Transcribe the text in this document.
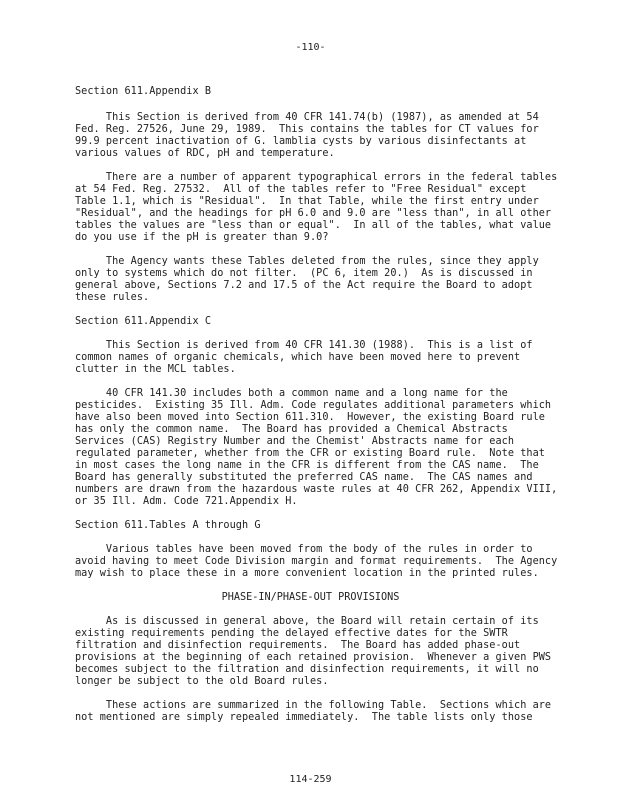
-110-
Section 611.Appendix B
This Section is derived from 40 CFR 141.74(b) (1987), as amended at 54
Fed. Reg. 27526, June 29, 1989.  This contains the tables for CT values for
99.9 percent inactivation of G. lamblia cysts by various disinfectants at
various values of RDC, pH and temperature.
There are a number of apparent typographical errors in the federal tables
at 54 Fed. Reg. 27532.  All of the tables refer to "Free Residual" except
Table 1.1, which is "Residual".  In that Table, while the first entry under
"Residual", and the headings for pH 6.0 and 9.0 are "less than", in all other
tables the values are "less than or equal".  In all of the tables, what value
do you use if the pH is greater than 9.0?
The Agency wants these Tables deleted from the rules, since they apply
only to systems which do not filter.  (PC 6, item 20.)  As is discussed in
general above, Sections 7.2 and 17.5 of the Act require the Board to adopt
these rules.
Section 611.Appendix C
This Section is derived from 40 CFR 141.30 (1988).  This is a list of
common names of organic chemicals, which have been moved here to prevent
clutter in the MCL tables.
40 CFR 141.30 includes both a common name and a long name for the
pesticides.  Existing 35 Ill. Adm. Code regulates additional parameters which
have also been moved into Section 611.310.  However, the existing Board rule
has only the common name.  The Board has provided a Chemical Abstracts
Services (CAS) Registry Number and the Chemist' Abstracts name for each
regulated parameter, whether from the CFR or existing Board rule.  Note that
in most cases the long name in the CFR is different from the CAS name.  The
Board has generally substituted the preferred CAS name.  The CAS names and
numbers are drawn from the hazardous waste rules at 40 CFR 262, Appendix VIII,
or 35 Ill. Adm. Code 721.Appendix H.
Section 611.Tables A through G
Various tables have been moved from the body of the rules in order to
avoid having to meet Code Division margin and format requirements.  The Agency
may wish to place these in a more convenient location in the printed rules.
PHASE-IN/PHASE-OUT PROVISIONS
As is discussed in general above, the Board will retain certain of its
existing requirements pending the delayed effective dates for the SWTR
filtration and disinfection requirements.  The Board has added phase-out
provisions at the beginning of each retained provision.  Whenever a given PWS
becomes subject to the filtration and disinfection requirements, it will no
longer be subject to the old Board rules.
These actions are summarized in the following Table.  Sections which are
not mentioned are simply repealed immediately.  The table lists only those
114-259
